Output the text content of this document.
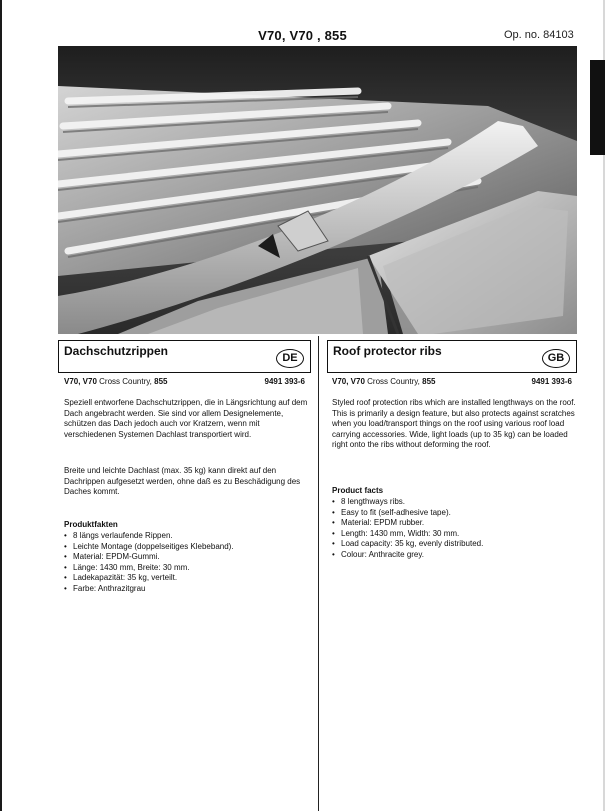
V70, V70 , 855	Op. no. 84103
Dachschutzrippen	DE
V70, V70 Cross Country, 855	9491 393-6

Speziell entworfene Dachschutzrippen, die in Längsrichtung auf dem Dach angebracht werden. Sie sind vor allem Designelemente, schützen das Dach jedoch auch vor Kratzern, wenn mit verschiedenen Systemen Dachlast transportiert wird.

Breite und leichte Dachlast (max. 35 kg) kann direkt auf den Dachrippen aufgesetzt werden, ohne daß es zu Beschädigung des Daches kommt.

Produktfakten
• 8 längs verlaufende Rippen.
• Leichte Montage (doppelseitiges Klebeband).
• Material: EPDM-Gummi.
• Länge: 1430 mm, Breite: 30 mm.
• Ladekapazität: 35 kg, verteilt.
• Farbe: Anthrazitgrau
Roof protector ribs	GB
V70, V70 Cross Country, 855	9491 393-6

Styled roof protection ribs which are installed lengthways on the roof. This is primarily a design feature, but also protects against scratches when you load/transport things on the roof using various roof load carrying accessories. Wide, light loads (up to 35 kg) can be loaded right onto the ribs without deforming the roof.

Product facts
• 8 lengthways ribs.
• Easy to fit (self-adhesive tape).
• Material: EPDM rubber.
• Length: 1430 mm, Width: 30 mm.
• Load capacity: 35 kg, evenly distributed.
• Colour: Anthracite grey.
